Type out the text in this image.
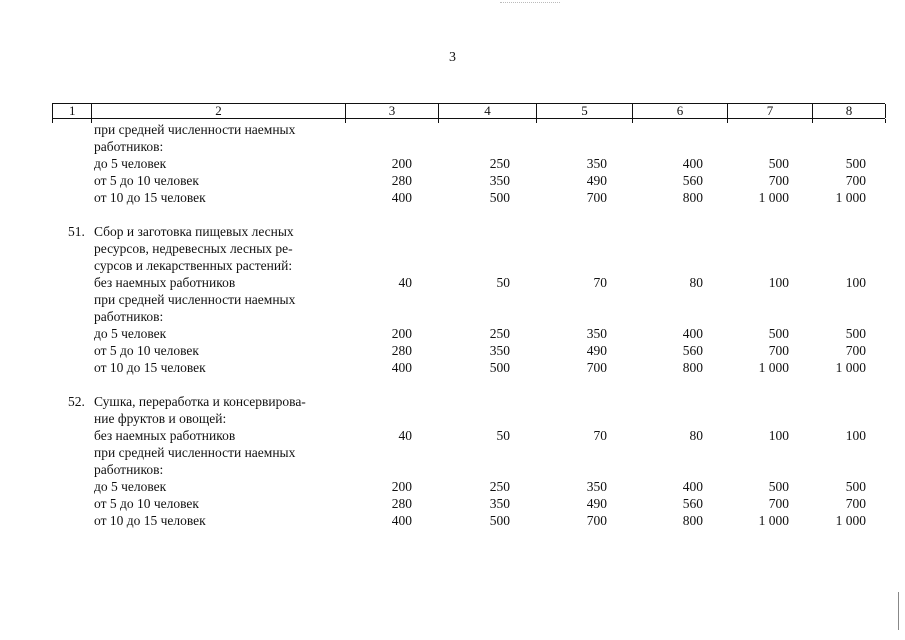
3
1	2	3	4	5	6	7	8
при средней численности наемных
работников:
до 5 человек	200	250	350	400	500	500
от 5 до 10 человек	280	350	490	560	700	700
от 10 до 15 человек	400	500	700	800	1 000	1 000
51. Сбор и заготовка пищевых лесных
ресурсов, недревесных лесных ре-
сурсов и лекарственных растений:
без наемных работников	40	50	70	80	100	100
при средней численности наемных
работников:
до 5 человек	200	250	350	400	500	500
от 5 до 10 человек	280	350	490	560	700	700
от 10 до 15 человек	400	500	700	800	1 000	1 000
52. Сушка, переработка и консервирова-
ние фруктов и овощей:
без наемных работников	40	50	70	80	100	100
при средней численности наемных
работников:
до 5 человек	200	250	350	400	500	500
от 5 до 10 человек	280	350	490	560	700	700
от 10 до 15 человек	400	500	700	800	1 000	1 000
